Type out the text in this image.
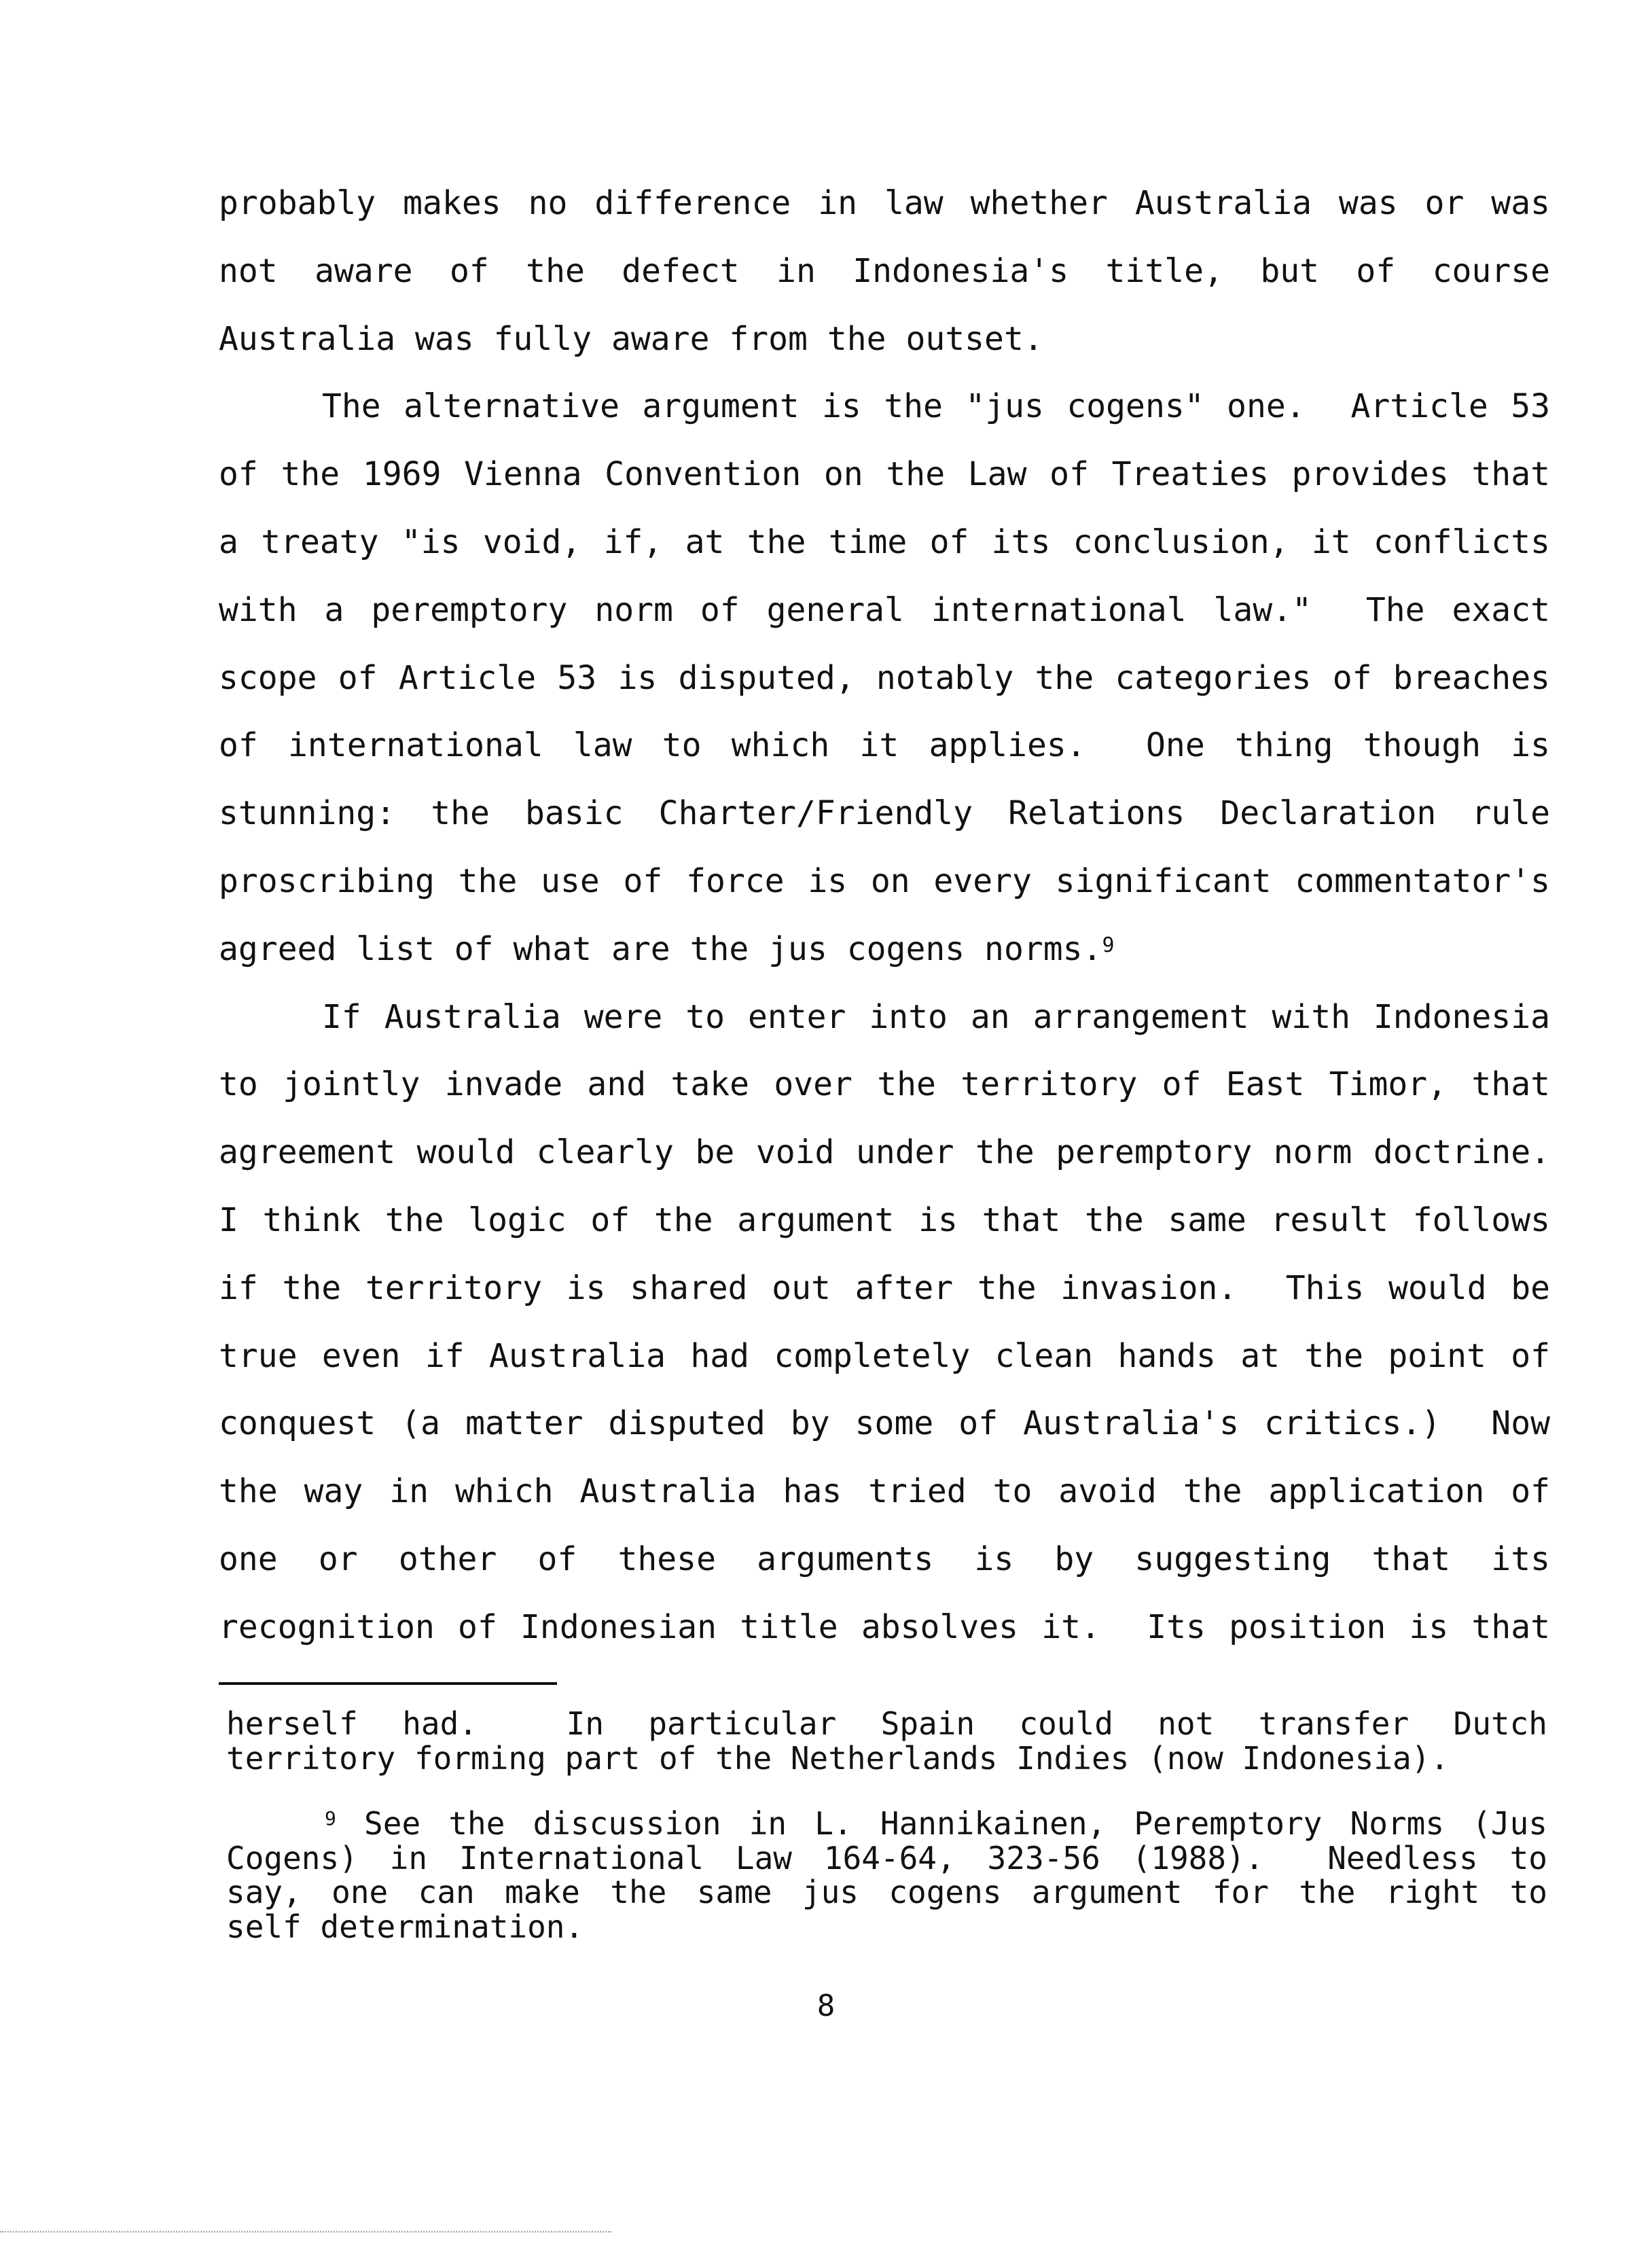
probably makes no difference in law whether Australia was or was
not aware of the defect in Indonesia's title, but of course
Australia was fully aware from the outset.
The alternative argument is the "jus cogens" one.  Article 53
of the 1969 Vienna Convention on the Law of Treaties provides that
a treaty "is void, if, at the time of its conclusion, it conflicts
with a peremptory norm of general international law."  The exact
scope of Article 53 is disputed, notably the categories of breaches
of international law to which it applies.  One thing though is
stunning: the basic Charter/Friendly Relations Declaration rule
proscribing the use of force is on every significant commentator's
agreed list of what are the jus cogens norms.$^9$
If Australia were to enter into an arrangement with Indonesia
to jointly invade and take over the territory of East Timor, that
agreement would clearly be void under the peremptory norm doctrine.
I think the logic of the argument is that the same result follows
if the territory is shared out after the invasion.  This would be
true even if Australia had completely clean hands at the point of
conquest (a matter disputed by some of Australia's critics.)  Now
the way in which Australia has tried to avoid the application of
one or other of these arguments is by suggesting that its
recognition of Indonesian title absolves it.  Its position is that
herself had.  In particular Spain could not transfer Dutch
territory forming part of the Netherlands Indies (now Indonesia).
$^9$ See the discussion in L. Hannikainen, Peremptory Norms (Jus
Cogens) in International Law 164-64, 323-56 (1988).  Needless to
say, one can make the same jus cogens argument for the right to
self determination.
8
